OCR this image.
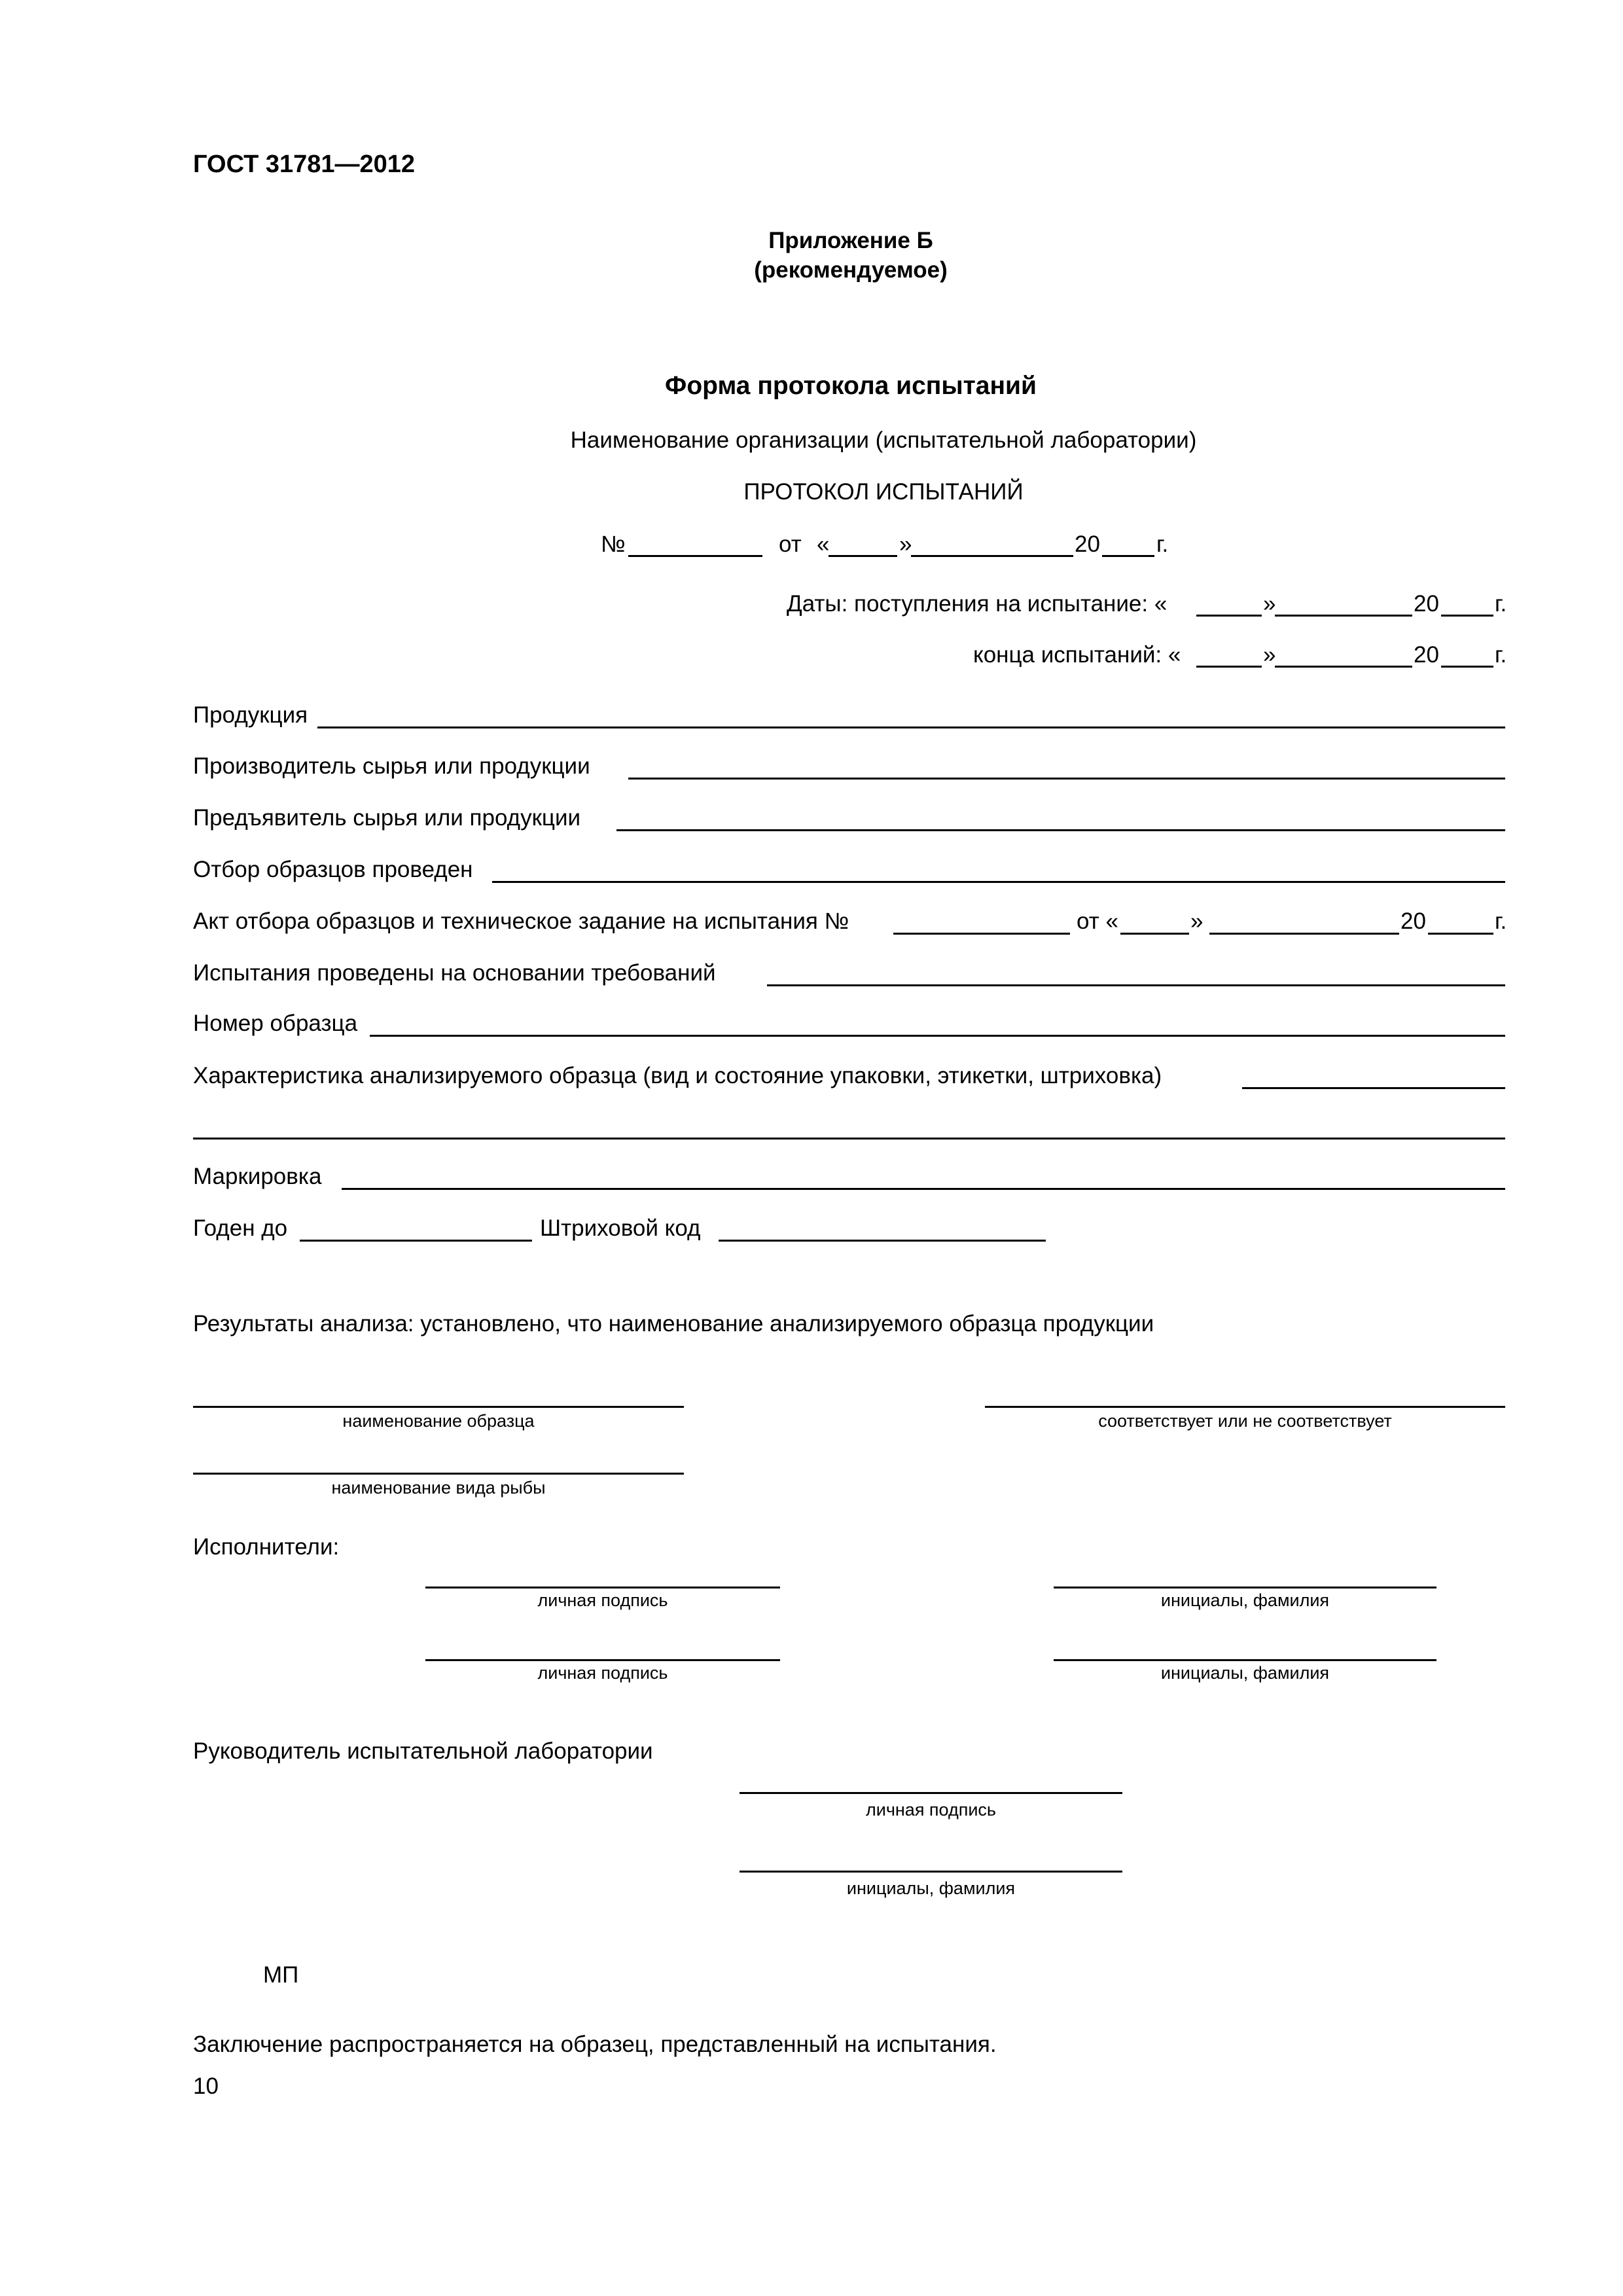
ГОСТ 31781—2012
Приложение Б
(рекомендуемое)
Форма протокола испытаний
Наименование организации (испытательной лаборатории)
ПРОТОКОЛ ИСПЫТАНИЙ
№	от «	»	20 г.
Даты: поступления на испытание: «	»	20 г.
конца испытаний: «	»	20 г.
Продукция
Производитель сырья или продукции
Предъявитель сырья или продукции
Отбор образцов проведен
Акт отбора образцов и техническое задание на испытания №	от «	»	20	г.
Испытания проведены на основании требований
Номер образца
Характеристика анализируемого образца (вид и состояние упаковки, этикетки, штриховка)
Маркировка
Годен до	Штриховой код
Результаты анализа: установлено, что наименование анализируемого образца продукции
наименование образца	соответствует или не соответствует
наименование вида рыбы
Исполнители:
личная подпись	инициалы, фамилия
личная подпись	инициалы, фамилия
Руководитель испытательной лаборатории
личная подпись
инициалы, фамилия
МП
Заключение распространяется на образец, представленный на испытания.
10
